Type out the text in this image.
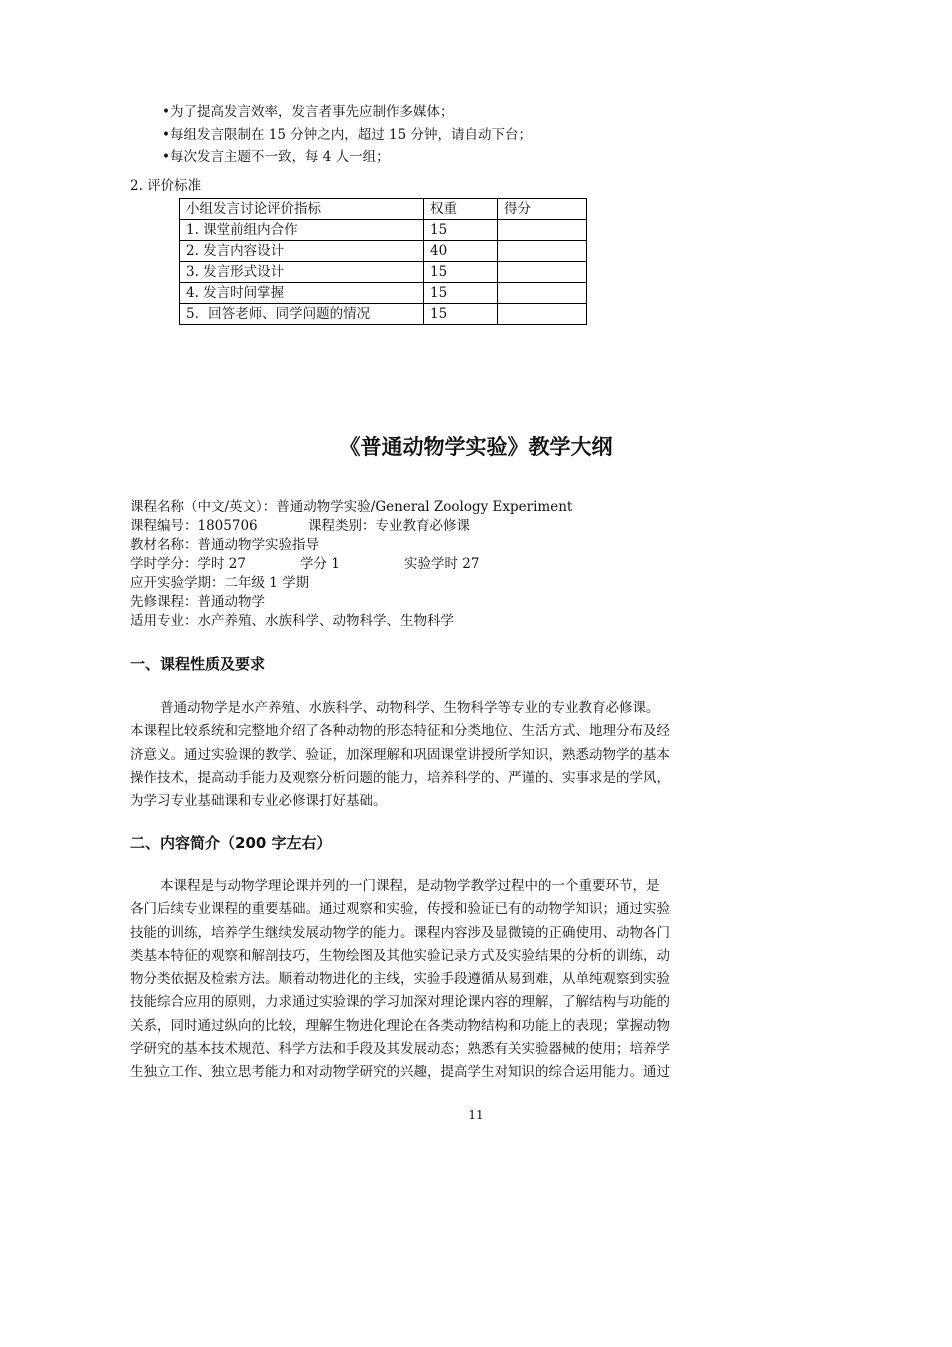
•为了提高发言效率，发言者事先应制作多媒体；
•每组发言限制在 15 分钟之内，超过 15 分钟，请自动下台；
•每次发言主题不一致，每 4 人一组；
2. 评价标准
小组发言讨论评价指标	权重	得分
1. 课堂前组内合作	15	
2. 发言内容设计	40	
3. 发言形式设计	15	
4. 发言时间掌握	15	
5．回答老师、同学问题的情况	15	
《普通动物学实验》教学大纲
课程名称（中文/英文）：普通动物学实验/General Zoology Experiment
课程编号：1805706	课程类别：专业教育必修课
教材名称：普通动物学实验指导
学时学分：学时 27	学分 1	实验学时 27
应开实验学期：二年级 1 学期
先修课程：普通动物学
适用专业：水产养殖、水族科学、动物科学、生物科学
一、课程性质及要求
普通动物学是水产养殖、水族科学、动物科学、生物科学等专业的专业教育必修课。
本课程比较系统和完整地介绍了各种动物的形态特征和分类地位、生活方式、地理分布及经
济意义。通过实验课的教学、验证，加深理解和巩固课堂讲授所学知识，熟悉动物学的基本
操作技术，提高动手能力及观察分析问题的能力，培养科学的、严谨的、实事求是的学风，
为学习专业基础课和专业必修课打好基础。
二、内容简介（200 字左右）
本课程是与动物学理论课并列的一门课程，是动物学教学过程中的一个重要环节，是
各门后续专业课程的重要基础。通过观察和实验，传授和验证已有的动物学知识；通过实验
技能的训练，培养学生继续发展动物学的能力。课程内容涉及显微镜的正确使用、动物各门
类基本特征的观察和解剖技巧，生物绘图及其他实验记录方式及实验结果的分析的训练，动
物分类依据及检索方法。顺着动物进化的主线，实验手段遵循从易到难，从单纯观察到实验
技能综合应用的原则，力求通过实验课的学习加深对理论课内容的理解，了解结构与功能的
关系，同时通过纵向的比较，理解生物进化理论在各类动物结构和功能上的表现；掌握动物
学研究的基本技术规范、科学方法和手段及其发展动态；熟悉有关实验器械的使用；培养学
生独立工作、独立思考能力和对动物学研究的兴趣，提高学生对知识的综合运用能力。通过
11
